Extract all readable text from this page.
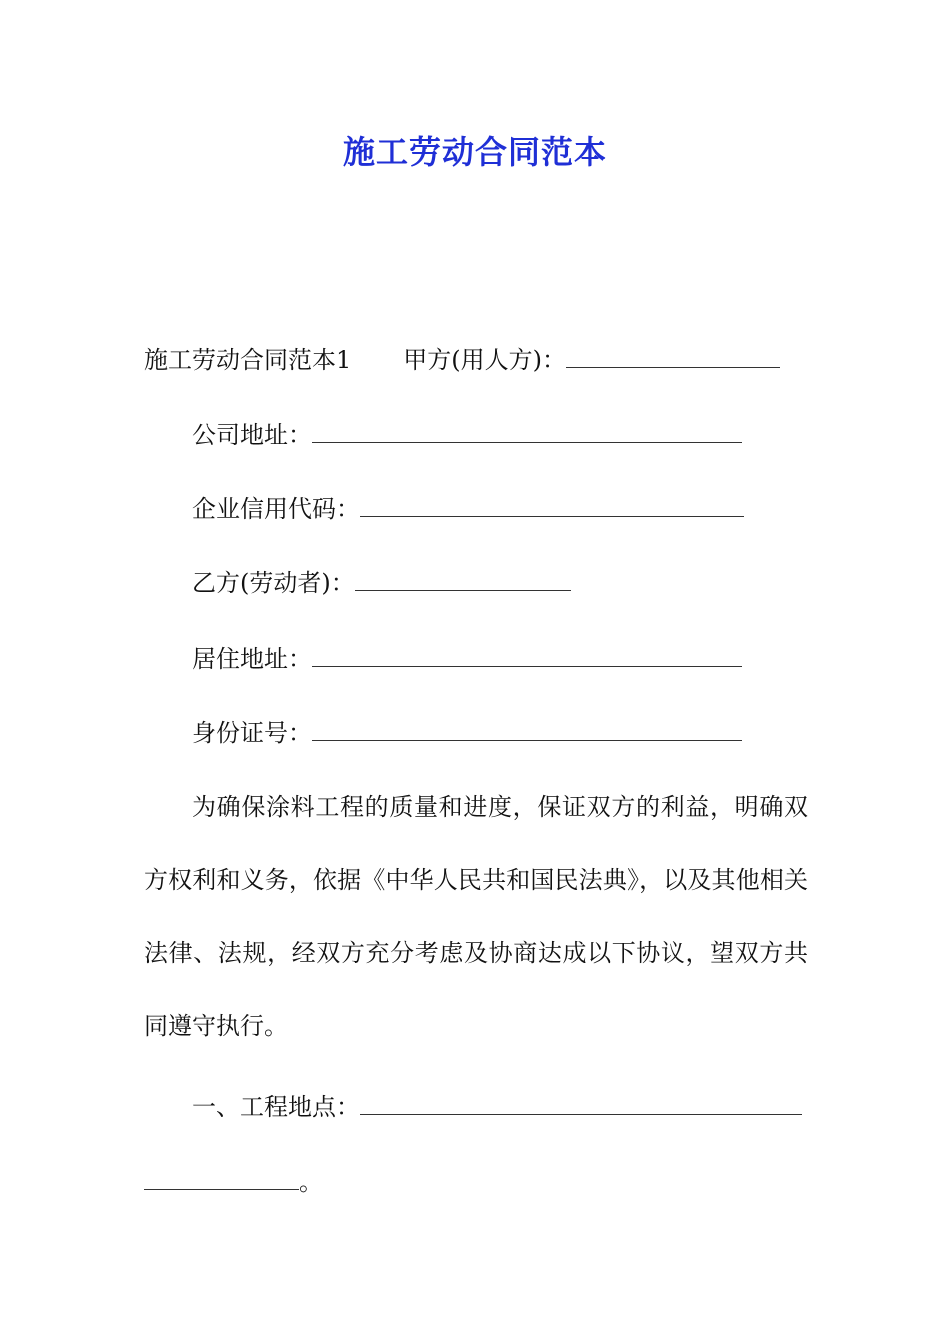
施工劳动合同范本
施工劳动合同范本1 甲方(用人方)：
公司地址：
企业信用代码：
乙方(劳动者)：
居住地址：
身份证号：
为确保涂料工程的质量和进度，保证双方的利益，明确双方权利和义务，依据《中华人民共和国民法典》，以及其他相关法律、法规，经双方充分考虑及协商达成以下协议，望双方共同遵守执行。
一、工程地点：
。
